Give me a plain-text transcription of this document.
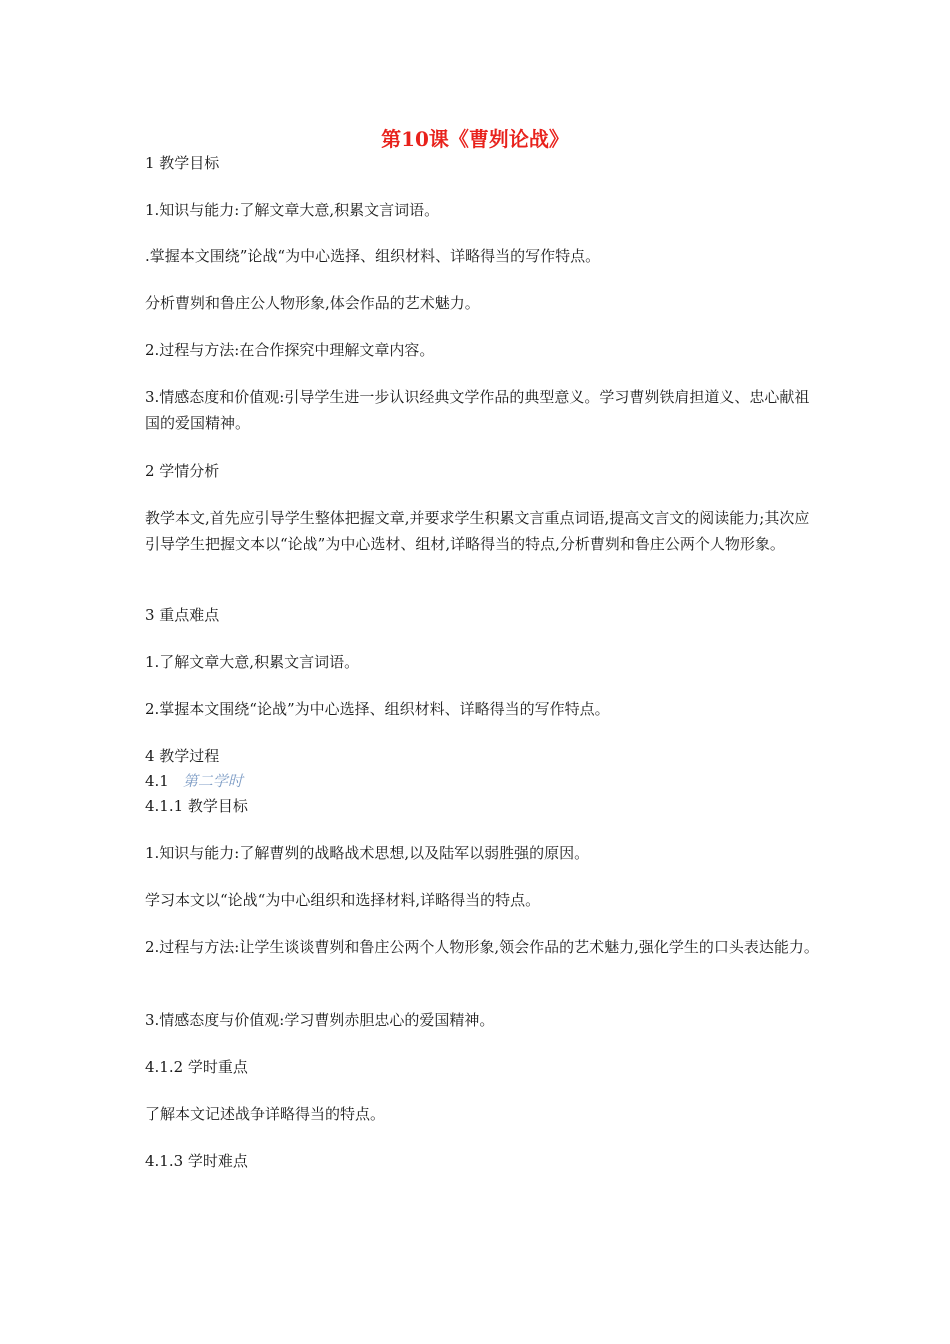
第10课《曹刿论战》
1 教学目标
1.知识与能力:了解文章大意,积累文言词语。
.掌握本文围绕”论战“为中心选择、组织材料、详略得当的写作特点。
分析曹刿和鲁庄公人物形象,体会作品的艺术魅力。
2.过程与方法:在合作探究中理解文章内容。
3.情感态度和价值观:引导学生进一步认识经典文学作品的典型意义。学习曹刿铁肩担道义、忠心献祖国的爱国精神。
2 学情分析
教学本文,首先应引导学生整体把握文章,并要求学生积累文言重点词语,提高文言文的阅读能力;其次应引导学生把握文本以“论战”为中心选材、组材,详略得当的特点,分析曹刿和鲁庄公两个人物形象。
3 重点难点
1.了解文章大意,积累文言词语。
2.掌握本文围绕“论战”为中心选择、组织材料、详略得当的写作特点。
4 教学过程
4.1 第二学时
4.1.1 教学目标
1.知识与能力:了解曹刿的战略战术思想,以及陆军以弱胜强的原因。
学习本文以“论战“为中心组织和选择材料,详略得当的特点。
2.过程与方法:让学生谈谈曹刿和鲁庄公两个人物形象,领会作品的艺术魅力,强化学生的口头表达能力。
3.情感态度与价值观:学习曹刿赤胆忠心的爱国精神。
4.1.2 学时重点
了解本文记述战争详略得当的特点。
4.1.3 学时难点
